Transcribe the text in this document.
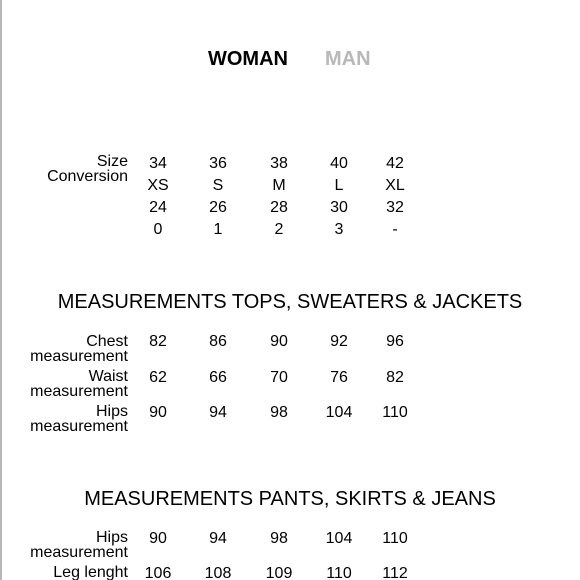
WOMAN MAN
Size
Conversion
34	36	38	40	42
XS	S	M	L	XL
24	26	28	30	32
0	1	2	3	-
MEASUREMENTS TOPS, SWEATERS & JACKETS
Chest
measurement
82	86	90	92	96
Waist
measurement
62	66	70	76	82
Hips
measurement
90	94	98	104	110
MEASUREMENTS PANTS, SKIRTS & JEANS
Hips
measurement
90	94	98	104	110
Leg lenght	106	108	109	110	112
